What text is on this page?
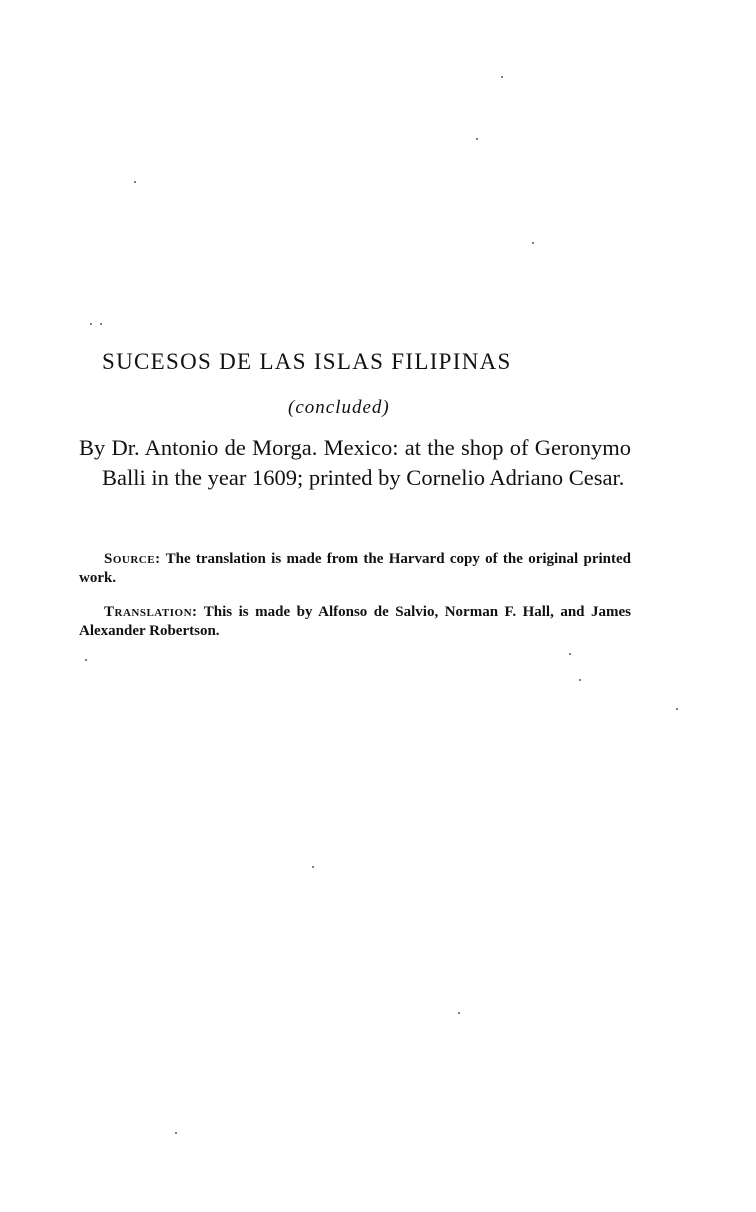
SUCESOS DE LAS ISLAS FILIPINAS
(concluded)
By Dr. Antonio de Morga. Mexico: at the shop of Geronymo Balli in the year 1609; printed by Cornelio Adriano Cesar.
Source: The translation is made from the Harvard copy of the original printed work.
Translation: This is made by Alfonso de Salvio, Norman F. Hall, and James Alexander Robertson.
